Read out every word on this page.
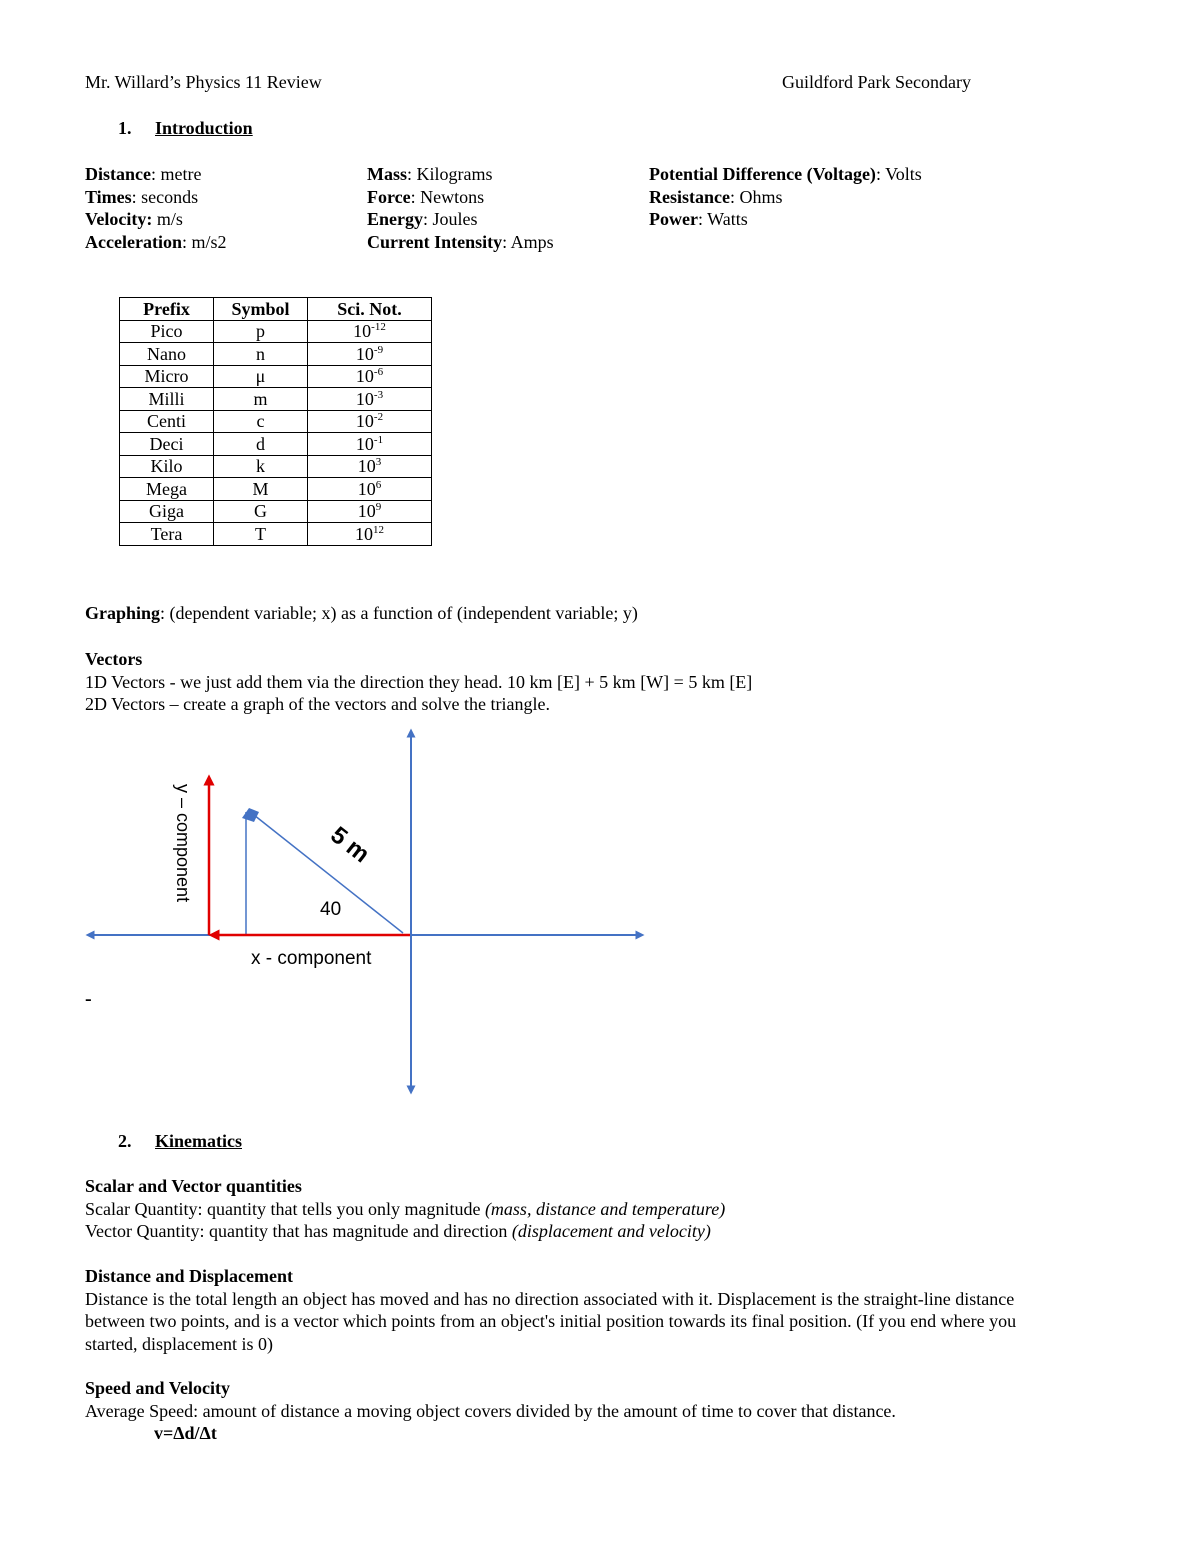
Mr. Willard’s Physics 11 Review	Guildford Park Secondary
1. Introduction
Distance: metre
Times: seconds
Velocity: m/s
Acceleration: m/s2
Mass: Kilograms
Force: Newtons
Energy: Joules
Current Intensity: Amps
Potential Difference (Voltage): Volts
Resistance: Ohms
Power: Watts
Prefix	Symbol	Sci. Not.
Pico	p	$10^{-12}$
Nano	n	$10^{-9}$
Micro	μ	$10^{-6}$
Milli	m	$10^{-3}$
Centi	c	$10^{-2}$
Deci	d	$10^{-1}$
Kilo	k	$10^3$
Mega	M	$10^6$
Giga	G	$10^9$
Tera	T	$10^{12}$
Graphing: (dependent variable; x) as a function of (independent variable; y)
Vectors
1D Vectors - we just add them via the direction they head. 10 km [E] + 5 km [W] = 5 km [E]
2D Vectors – create a graph of the vectors and solve the triangle.
5 m
40
x - component
y – component
-
2. Kinematics
Scalar and Vector quantities
Scalar Quantity: quantity that tells you only magnitude (mass, distance and temperature)
Vector Quantity: quantity that has magnitude and direction (displacement and velocity)
Distance and Displacement
Distance is the total length an object has moved and has no direction associated with it. Displacement is the straight-line distance
between two points, and is a vector which points from an object's initial position towards its final position. (If you end where you
started, displacement is 0)
Speed and Velocity
Average Speed: amount of distance a moving object covers divided by the amount of time to cover that distance.
v=Δd/Δt
